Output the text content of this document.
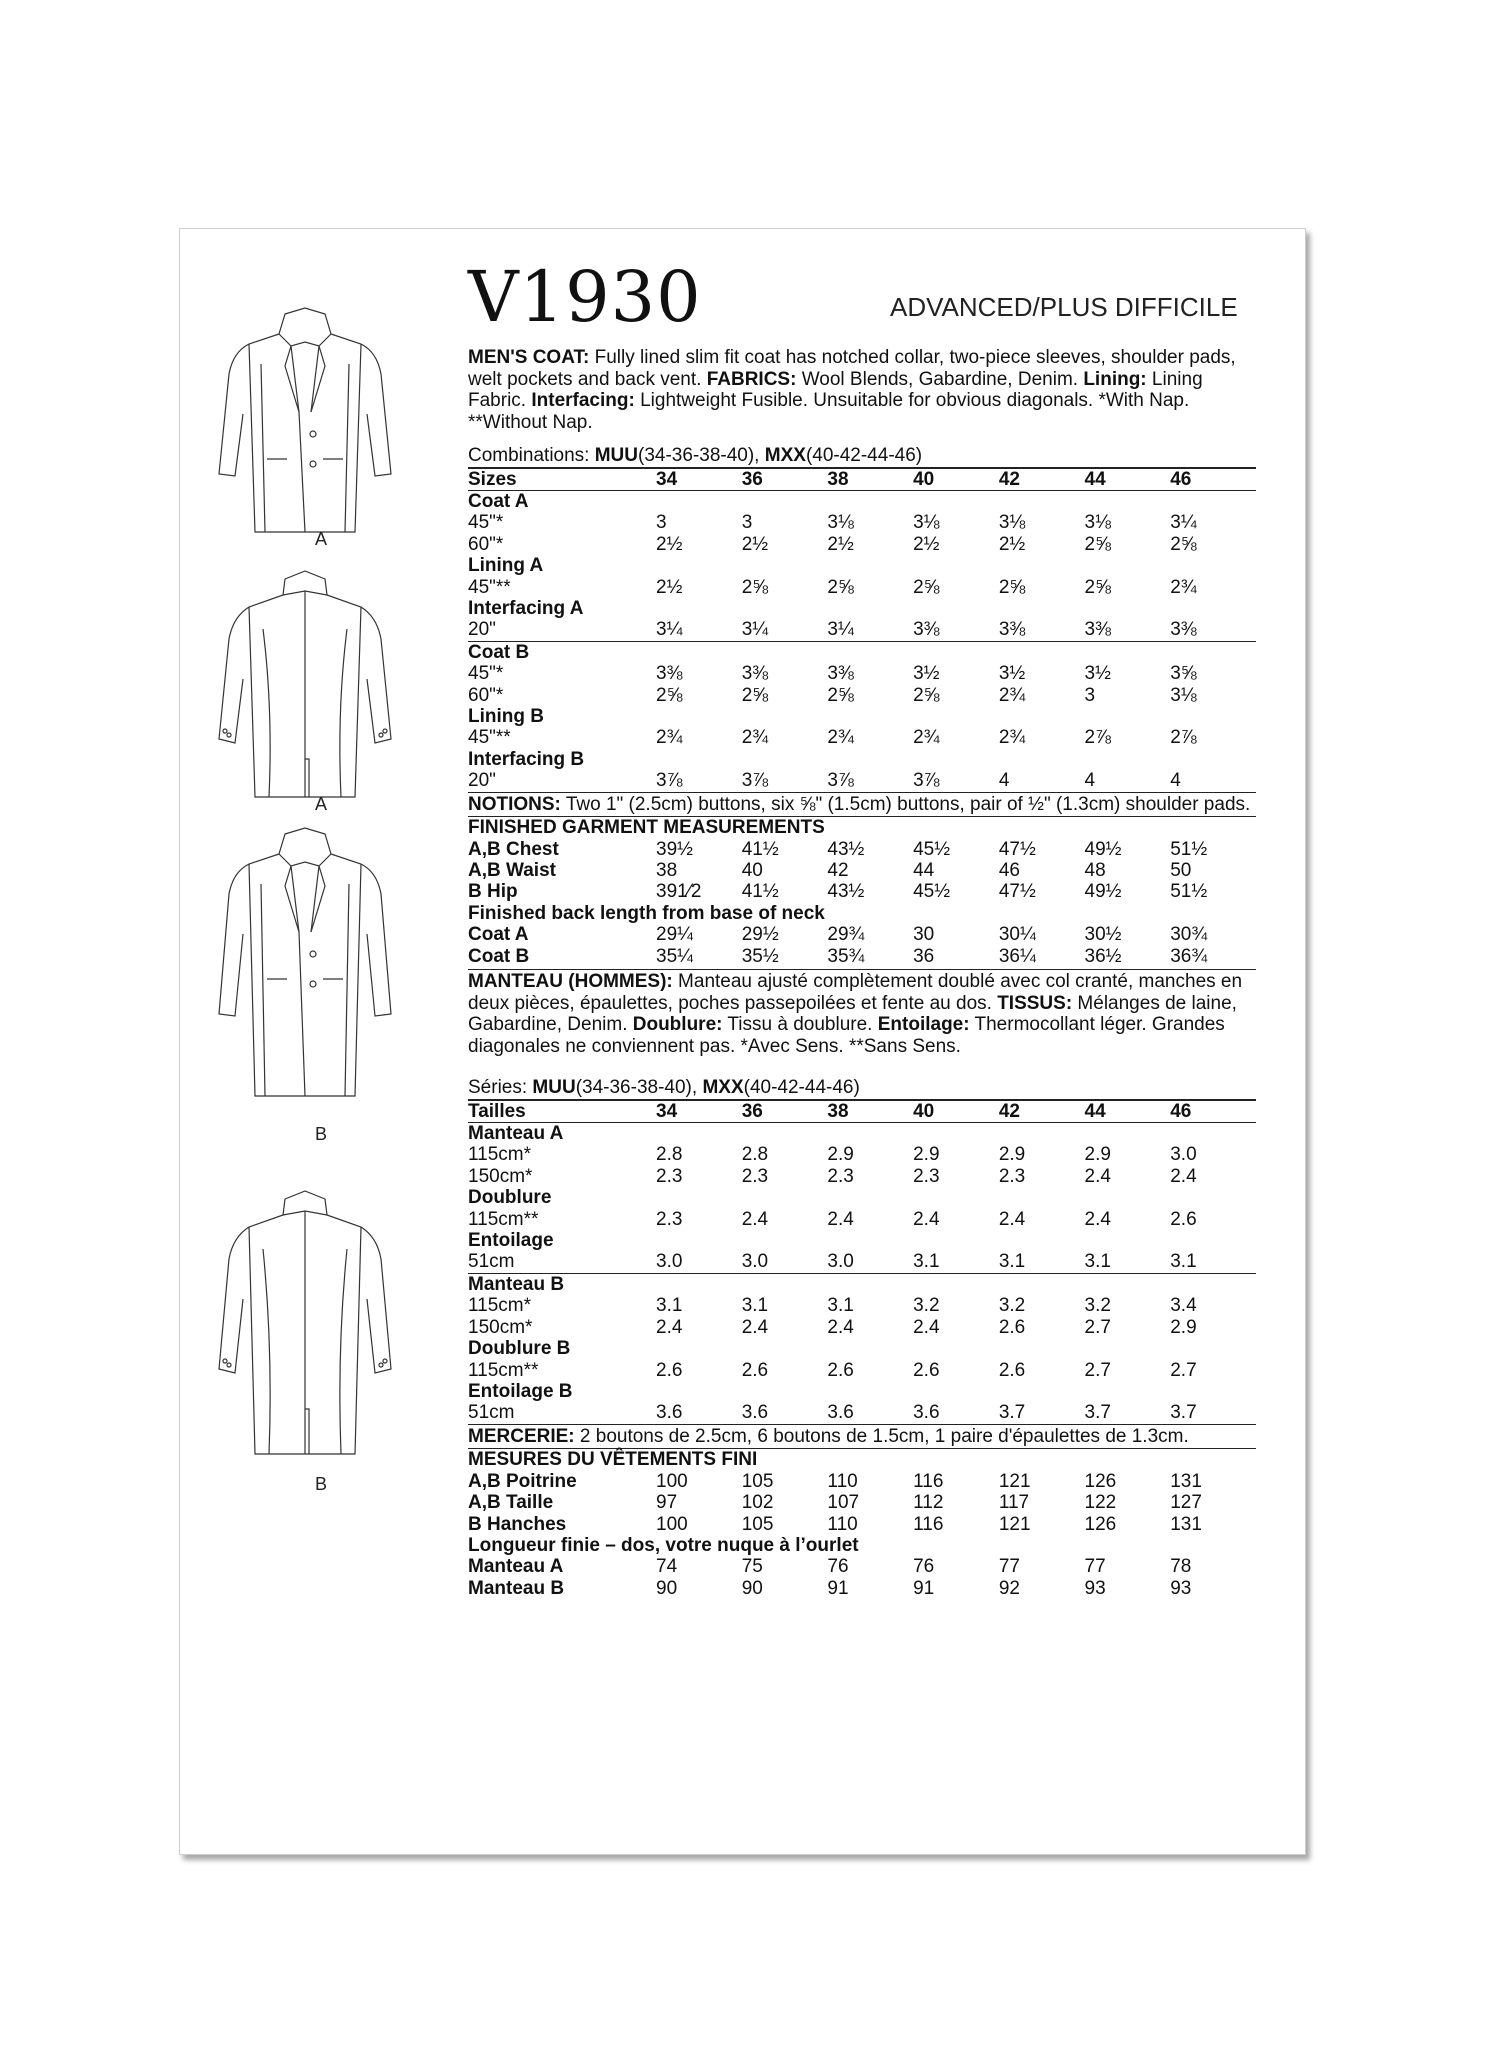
V1930	ADVANCED/PLUS DIFFICILE
A
A
B
B

MEN'S COAT: Fully lined slim fit coat has notched collar, two-piece sleeves, shoulder pads, welt pockets and back vent. FABRICS: Wool Blends, Gabardine, Denim. Lining: Lining Fabric. Interfacing: Lightweight Fusible. Unsuitable for obvious diagonals. *With Nap. **Without Nap.

Combinations: MUU(34-36-38-40), MXX(40-42-44-46)
Sizes	34	36	38	40	42	44	46
Coat A							
45"*	3	3	3⅛	3⅛	3⅛	3⅛	3¼
60"*	2½	2½	2½	2½	2½	2⅝	2⅝
Lining A							
45"**	2½	2⅝	2⅝	2⅝	2⅝	2⅝	2¾
Interfacing A							
20"	3¼	3¼	3¼	3⅜	3⅜	3⅜	3⅜
Coat B							
45"*	3⅜	3⅜	3⅜	3½	3½	3½	3⅝
60"*	2⅝	2⅝	2⅝	2⅝	2¾	3	3⅛
Lining B							
45"**	2¾	2¾	2¾	2¾	2¾	2⅞	2⅞
Interfacing B							
20"	3⅞	3⅞	3⅞	3⅞	4	4	4
NOTIONS: Two 1" (2.5cm) buttons, six ⅝" (1.5cm) buttons, pair of ½" (1.3cm) shoulder pads.
FINISHED GARMENT MEASUREMENTS
A,B Chest	39½	41½	43½	45½	47½	49½	51½
A,B Waist	38	40	42	44	46	48	50
B Hip	391⁄2	41½	43½	45½	47½	49½	51½
Finished back length from base of neck
Coat A	29¼	29½	29¾	30	30¼	30½	30¾
Coat B	35¼	35½	35¾	36	36¼	36½	36¾

MANTEAU (HOMMES): Manteau ajusté complètement doublé avec col cranté, manches en deux pièces, épaulettes, poches passepoilées et fente au dos. TISSUS: Mélanges de laine, Gabardine, Denim. Doublure: Tissu à doublure. Entoilage: Thermocollant léger. Grandes diagonales ne conviennent pas. *Avec Sens. **Sans Sens.

Séries: MUU(34-36-38-40), MXX(40-42-44-46)
Tailles	34	36	38	40	42	44	46
Manteau A							
115cm*	2.8	2.8	2.9	2.9	2.9	2.9	3.0
150cm*	2.3	2.3	2.3	2.3	2.3	2.4	2.4
Doublure							
115cm**	2.3	2.4	2.4	2.4	2.4	2.4	2.6
Entoilage							
51cm	3.0	3.0	3.0	3.1	3.1	3.1	3.1
Manteau B							
115cm*	3.1	3.1	3.1	3.2	3.2	3.2	3.4
150cm*	2.4	2.4	2.4	2.4	2.6	2.7	2.9
Doublure B							
115cm**	2.6	2.6	2.6	2.6	2.6	2.7	2.7
Entoilage B							
51cm	3.6	3.6	3.6	3.6	3.7	3.7	3.7
MERCERIE: 2 boutons de 2.5cm, 6 boutons de 1.5cm, 1 paire d'épaulettes de 1.3cm.
MESURES DU VÊTEMENTS FINI
A,B Poitrine	100	105	110	116	121	126	131
A,B Taille	97	102	107	112	117	122	127
B Hanches	100	105	110	116	121	126	131
Longueur finie – dos, votre nuque à l’ourlet
Manteau A	74	75	76	76	77	77	78
Manteau B	90	90	91	91	92	93	93
